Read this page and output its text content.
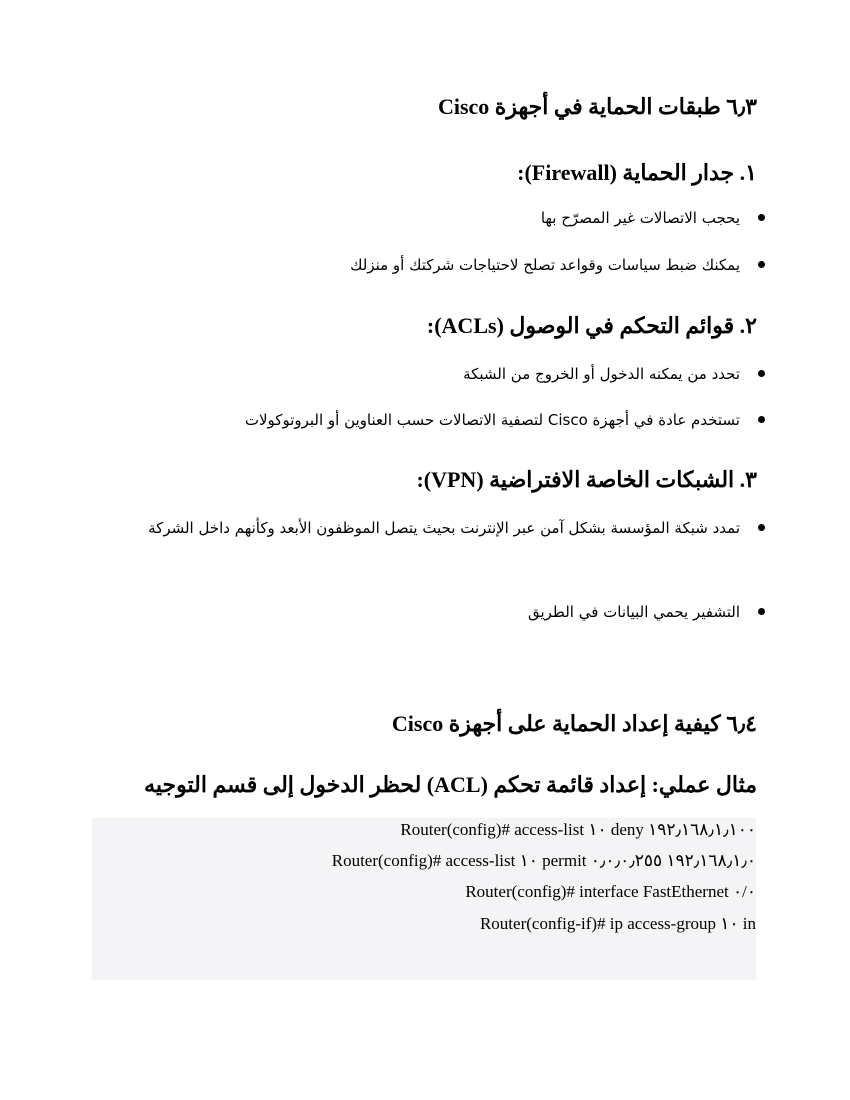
٦٫٣ طبقات الحماية في أجهزة Cisco
١. جدار الحماية (Firewall):
يحجب الاتصالات غير المصرّح بها
يمكنك ضبط سياسات وقواعد تصلح لاحتياجات شركتك أو منزلك
٢. قوائم التحكم في الوصول (ACLs):
تحدد من يمكنه الدخول أو الخروج من الشبكة
تستخدم عادة في أجهزة Cisco لتصفية الاتصالات حسب العناوين أو البروتوكولات
٣. الشبكات الخاصة الافتراضية (VPN):
تمدد شبكة المؤسسة بشكل آمن عبر الإنترنت بحيث يتصل الموظفون الأبعد وكأنهم داخل الشركة
التشفير يحمي البيانات في الطريق
٦٫٤ كيفية إعداد الحماية على أجهزة Cisco
مثال عملي: إعداد قائمة تحكم (ACL) لحظر الدخول إلى قسم التوجيه
Router(config)# access-list ١٠ deny ١٩٢٫١٦٨٫١٫١٠٠
Router(config)# access-list ١٠ permit ١٩٢٫١٦٨٫١٫٠ ٠٫٠٫٠٫٢٥٥
Router(config)# interface FastEthernet ٠/٠
Router(config-if)# ip access-group ١٠ in
